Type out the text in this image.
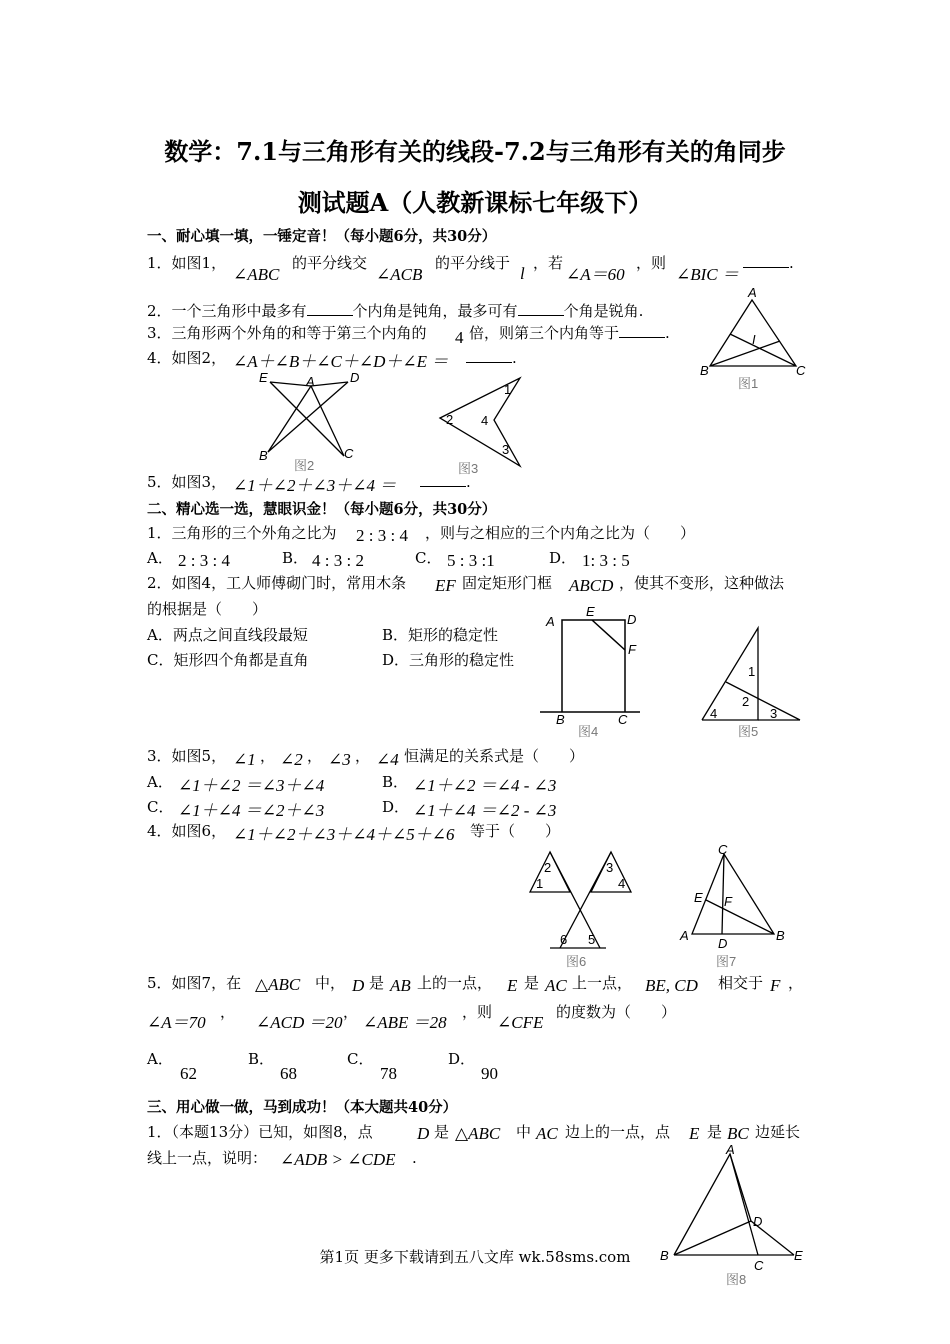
数学：7.1与三角形有关的线段-7.2与三角形有关的角同步
测试题A（人教新课标七年级下）
一、耐心填一填，一锤定音！（每小题6分，共30分）
1．如图1，
∠ABC
的平分线交
∠ACB
的平分线于
l
，若
∠A＝60
，则
∠BIC ＝
.
2．一个三角形中最多有	个内角是钝角，最多可有	个角是锐角.
3．三角形两个外角的和等于第三个内角的 4 倍，则第三个内角等于	.
4．如图2， ∠A＋∠B＋∠C＋∠D＋∠E ＝	.
5．如图3， ∠1＋∠2＋∠3＋∠4 ＝	.
二、精心选一选，慧眼识金！（每小题6分，共30分）
1．三角形的三个外角之比为 2 : 3 : 4 ，则与之相应的三个内角之比为（　　）
A． 2 : 3 : 4	B． 4 : 3 : 2	C． 5 : 3 :1	D． 1: 3 : 5
2．如图4，工人师傅砌门时，常用木条 EF 固定矩形门框 ABCD ，使其不变形，这种做法
的根据是（　　）
A．两点之间直线段最短	B．矩形的稳定性
C．矩形四个角都是直角	D．三角形的稳定性
3．如图5， ∠1 ， ∠2 ， ∠3 ， ∠4 恒满足的关系式是（　　）
A． ∠1＋∠2 ＝∠3＋∠4	B． ∠1＋∠2 ＝∠4 - ∠3
C． ∠1＋∠4 ＝∠2＋∠3	D． ∠1＋∠4 ＝∠2 - ∠3
4．如图6， ∠1＋∠2＋∠3＋∠4＋∠5＋∠6 等于（　　）
5．如图7，在 △ABC 中， D 是 AB 上的一点， E 是 AC 上一点， BE, CD 相交于 F ，
∠A＝70
，
∠ACD ＝20
，
∠ABE ＝28
，则
∠CFE
的度数为（　　）
A．
62
B．
68
C．
78
D．
90
三、用心做一做，马到成功！（本大题共40分）
1．（本题13分）已知，如图8，点	D 是 △ABC 中 AC 边上的一点，点 E 是 BC 边延长
线上一点，说明： ∠ADB > ∠CDE .
A
B	C
I
图1
E	A	D
B	C
图2
1
2 4
3
图3
A
E
D
F
B	C
图4
1
2
3
4
图5
2
1
3
4
6 5
图6
C
E F
A	B
D
图7
A
D
B
C
E
图8
第1页 更多下载请到五八文库 wk.58sms.com
